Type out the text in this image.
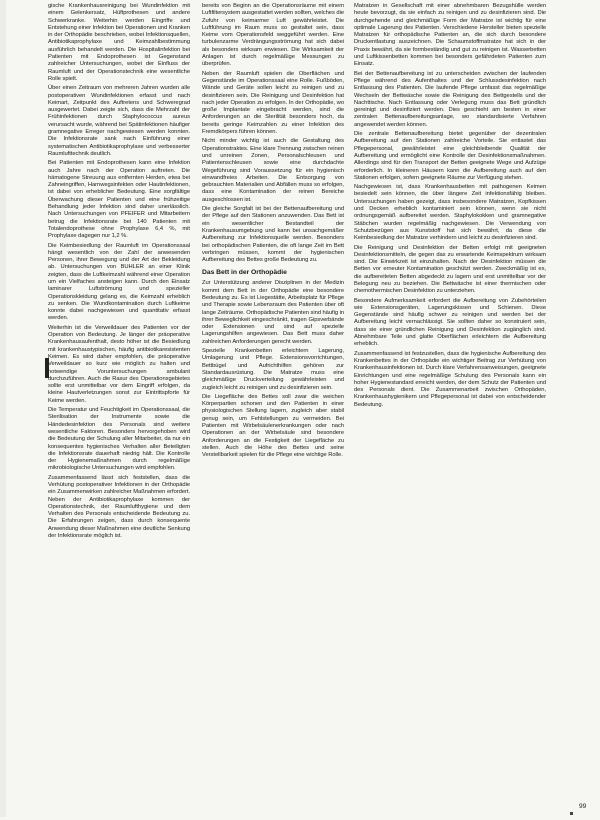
gische Krankenhausreinigung bei Wundinfektion mit einem Gelenkersatz, Hüftprothesen und andere Schwerkranke. Weiterhin werden Eingriffe und Entstehung einer Infektion bei Operationen und Kranken in der Orthopädie beschrieben, wobei Infektionsquellen, Antibiotikaprophylaxe und Keimzahlbestimmung ausführlich behandelt werden. Die Hospitalinfektion bei Patienten mit Endoprothesen ist Gegenstand zahlreicher Untersuchungen, wobei der Einfluss der Raumluft und der Operationstechnik eine wesentliche Rolle spielt.

Über einen Zeitraum von mehreren Jahren wurden alle postoperativen Wundinfektionen erfasst und nach Keimart, Zeitpunkt des Auftretens und Schweregrad ausgewertet. Dabei zeigte sich, dass die Mehrzahl der Frühinfektionen durch Staphylococcus aureus verursacht wurde, während bei Spätinfektionen häufiger gramnegative Erreger nachgewiesen werden konnten. Die Infektionsrate sank nach Einführung einer systematischen Antibiotikaprophylaxe und verbesserter Raumlufttechnik deutlich.

Bei Patienten mit Endoprothesen kann eine Infektion auch Jahre nach der Operation auftreten. Die hämatogene Streuung aus entfernten Herden, etwa bei Zahneingriffen, Harnwegsinfekten oder Hautinfektionen, ist dabei von erheblicher Bedeutung. Eine sorgfältige Überwachung dieser Patienten und eine frühzeitige Behandlung jeder Infektion sind daher unerlässlich. Nach Untersuchungen von PFEIFER und Mitarbeitern betrug die Infektionsrate bei 140 Patienten mit Totalendoprothese ohne Prophylaxe 6,4 %, mit Prophylaxe dagegen nur 1,2 %.

Die Keimbesiedlung der Raumluft im Operationssaal hängt wesentlich von der Zahl der anwesenden Personen, ihrer Bewegung und der Art der Bekleidung ab. Untersuchungen von BUHLER an einer Klinik zeigten, dass die Luftkeimzahl während einer Operation um ein Vielfaches ansteigen kann. Durch den Einsatz laminarer Luftströmung und spezieller Operationskleidung gelang es, die Keimzahl erheblich zu senken. Die Wundkontamination durch Luftkeime konnte dabei nachgewiesen und quantitativ erfasst werden.

Weiterhin ist die Verweildauer des Patienten vor der Operation von Bedeutung. Je länger der präoperative Krankenhausaufenthalt, desto höher ist die Besiedlung mit krankenhaustypischen, häufig antibiotikaresistenten Keimen. Es wird daher empfohlen, die präoperative Verweildauer so kurz wie möglich zu halten und notwendige Voruntersuchungen ambulant durchzuführen. Auch die Rasur des Operationsgebietes sollte erst unmittelbar vor dem Eingriff erfolgen, da kleine Hautverletzungen sonst zur Eintrittspforte für Keime werden.

Die Temperatur und Feuchtigkeit im Operationssaal, die Sterilisation der Instrumente sowie die Händedesinfektion des Personals sind weitere wesentliche Faktoren. Besonders hervorgehoben wird die Bedeutung der Schulung aller Mitarbeiter, da nur ein konsequentes hygienisches Verhalten aller Beteiligten die Infektionsrate dauerhaft niedrig hält. Die Kontrolle der Hygienemaßnahmen durch regelmäßige mikrobiologische Untersuchungen wird empfohlen.

Zusammenfassend lässt sich feststellen, dass die Verhütung postoperativer Infektionen in der Orthopädie ein Zusammenwirken zahlreicher Maßnahmen erfordert. Neben der Antibiotikaprophylaxe kommen der Operationstechnik, der Raumlufthygiene und dem Verhalten des Personals entscheidende Bedeutung zu. Die Erfahrungen zeigen, dass durch konsequente Anwendung dieser Maßnahmen eine deutliche Senkung der Infektionsrate möglich ist.

bereits von Beginn an die Operationsräume mit einem Luftfiltersystem ausgestattet werden sollten, welches die Zufuhr von keimarmer Luft gewährleistet. Die Luftführung im Raum muss so gestaltet sein, dass Keime vom Operationsfeld weggeführt werden. Eine turbulenzarme Verdrängungsströmung hat sich dabei als besonders wirksam erwiesen. Die Wirksamkeit der Anlagen ist durch regelmäßige Messungen zu überprüfen.

Neben der Raumluft spielen die Oberflächen und Gegenstände im Operationssaal eine Rolle. Fußböden, Wände und Geräte sollen leicht zu reinigen und zu desinfizieren sein. Die Reinigung und Desinfektion hat nach jeder Operation zu erfolgen. In der Orthopädie, wo große Implantate eingebracht werden, sind die Anforderungen an die Sterilität besonders hoch, da bereits geringe Keimzahlen zu einer Infektion des Fremdkörpers führen können.

Nicht minder wichtig ist auch die Gestaltung des Operationstraktes. Eine klare Trennung zwischen reinen und unreinen Zonen, Personalschleusen und Patientenschleusen sowie eine durchdachte Wegeführung sind Voraussetzung für ein hygienisch einwandfreies Arbeiten. Die Entsorgung von gebrauchten Materialien und Abfällen muss so erfolgen, dass eine Kontamination der reinen Bereiche ausgeschlossen ist.

Die gleiche Sorgfalt ist bei der Bettenaufbereitung und der Pflege auf den Stationen anzuwenden. Das Bett ist ein wesentlicher Bestandteil der Krankenhausumgebung und kann bei unsachgemäßer Aufbereitung zur Infektionsquelle werden. Besonders bei orthopädischen Patienten, die oft lange Zeit im Bett verbringen müssen, kommt der hygienischen Aufbereitung des Bettes große Bedeutung zu.

Das Bett in der Orthopädie

Zur Unterstützung anderer Disziplinen in der Medizin kommt dem Bett in der Orthopädie eine besondere Bedeutung zu. Es ist Liegestätte, Arbeitsplatz für Pflege und Therapie sowie Lebensraum des Patienten über oft lange Zeiträume. Orthopädische Patienten sind häufig in ihrer Beweglichkeit eingeschränkt, tragen Gipsverbände oder Extensionen und sind auf spezielle Lagerungshilfen angewiesen. Das Bett muss daher zahlreichen Anforderungen gerecht werden.

Spezielle Krankenbetten erleichtern Lagerung, Umlagerung und Pflege. Extensionsvorrichtungen, Bettbügel und Aufrichthilfen gehören zur Standardausrüstung. Die Matratze muss eine gleichmäßige Druckverteilung gewährleisten und zugleich leicht zu reinigen und zu desinfizieren sein.

Die Liegefläche des Bettes soll zwar die weichen Körperpartien schonen und den Patienten in einer physiologischen Stellung lagern, zugleich aber stabil genug sein, um Fehlstellungen zu vermeiden. Bei Patienten mit Wirbelsäulenerkrankungen oder nach Operationen an der Wirbelsäule sind besondere Anforderungen an die Festigkeit der Liegefläche zu stellen. Auch die Höhe des Bettes und seine Verstellbarkeit spielen für die Pflege eine wichtige Rolle.

Matratzen in Gesellschaft mit einer abnehmbaren Bezugshülle werden heute bevorzugt, da sie einfach zu reinigen und zu desinfizieren sind. Die durchgehende und gleichmäßige Form der Matratze ist wichtig für eine optimale Lagerung des Patienten. Verschiedene Hersteller bieten spezielle Matratzen für orthopädische Patienten an, die sich durch besondere Druckentlastung auszeichnen. Die Schaumstoffmatratze hat sich in der Praxis bewährt, da sie formbeständig und gut zu reinigen ist. Wasserbetten und Luftkissenbetten kommen bei besonders gefährdeten Patienten zum Einsatz.

Bei der Bettenaufbereitung ist zu unterscheiden zwischen der laufenden Pflege während des Aufenthaltes und der Schlussdesinfektion nach Entlassung des Patienten. Die laufende Pflege umfasst das regelmäßige Wechseln der Bettwäsche sowie die Reinigung des Bettgestells und der Nachttische. Nach Entlassung oder Verlegung muss das Bett gründlich gereinigt und desinfiziert werden. Dies geschieht am besten in einer zentralen Bettenaufbereitungsanlage, wo standardisierte Verfahren angewendet werden können.

Die zentrale Bettenaufbereitung bietet gegenüber der dezentralen Aufbereitung auf den Stationen zahlreiche Vorteile. Sie entlastet das Pflegepersonal, gewährleistet eine gleichbleibende Qualität der Aufbereitung und ermöglicht eine Kontrolle der Desinfektionsmaßnahmen. Allerdings sind für den Transport der Betten geeignete Wege und Aufzüge erforderlich. In kleineren Häusern kann die Aufbereitung auch auf den Stationen erfolgen, sofern geeignete Räume zur Verfügung stehen.

Nachgewiesen ist, dass Krankenhausbetten mit pathogenen Keimen besiedelt sein können, die über längere Zeit infektionsfähig bleiben. Untersuchungen haben gezeigt, dass insbesondere Matratzen, Kopfkissen und Decken erheblich kontaminiert sein können, wenn sie nicht ordnungsgemäß aufbereitet werden. Staphylokokken und gramnegative Stäbchen wurden regelmäßig nachgewiesen. Die Verwendung von Schutzbezügen aus Kunststoff hat sich bewährt, da diese die Keimbesiedlung der Matratze verhindern und leicht zu desinfizieren sind.

Die Reinigung und Desinfektion der Betten erfolgt mit geeigneten Desinfektionsmitteln, die gegen das zu erwartende Keimspektrum wirksam sind. Die Einwirkzeit ist einzuhalten. Nach der Desinfektion müssen die Betten vor erneuter Kontamination geschützt werden. Zweckmäßig ist es, die aufbereiteten Betten abgedeckt zu lagern und erst unmittelbar vor der Belegung neu zu beziehen. Die Bettwäsche ist einer thermischen oder chemothermischen Desinfektion zu unterziehen.

Besondere Aufmerksamkeit erfordert die Aufbereitung von Zubehörteilen wie Extensionsgeräten, Lagerungskissen und Schienen. Diese Gegenstände sind häufig schwer zu reinigen und werden bei der Aufbereitung leicht vernachlässigt. Sie sollten daher so konstruiert sein, dass sie einer gründlichen Reinigung und Desinfektion zugänglich sind. Abnehmbare Teile und glatte Oberflächen erleichtern die Aufbereitung erheblich.

Zusammenfassend ist festzustellen, dass die hygienische Aufbereitung des Krankenbettes in der Orthopädie ein wichtiger Beitrag zur Verhütung von Krankenhausinfektionen ist. Durch klare Verfahrensanweisungen, geeignete Einrichtungen und eine regelmäßige Schulung des Personals kann ein hoher Hygienestandard erreicht werden, der dem Schutz der Patienten und des Personals dient. Die Zusammenarbeit zwischen Orthopäden, Krankenhaushygienikern und Pflegepersonal ist dabei von entscheidender Bedeutung.

99
